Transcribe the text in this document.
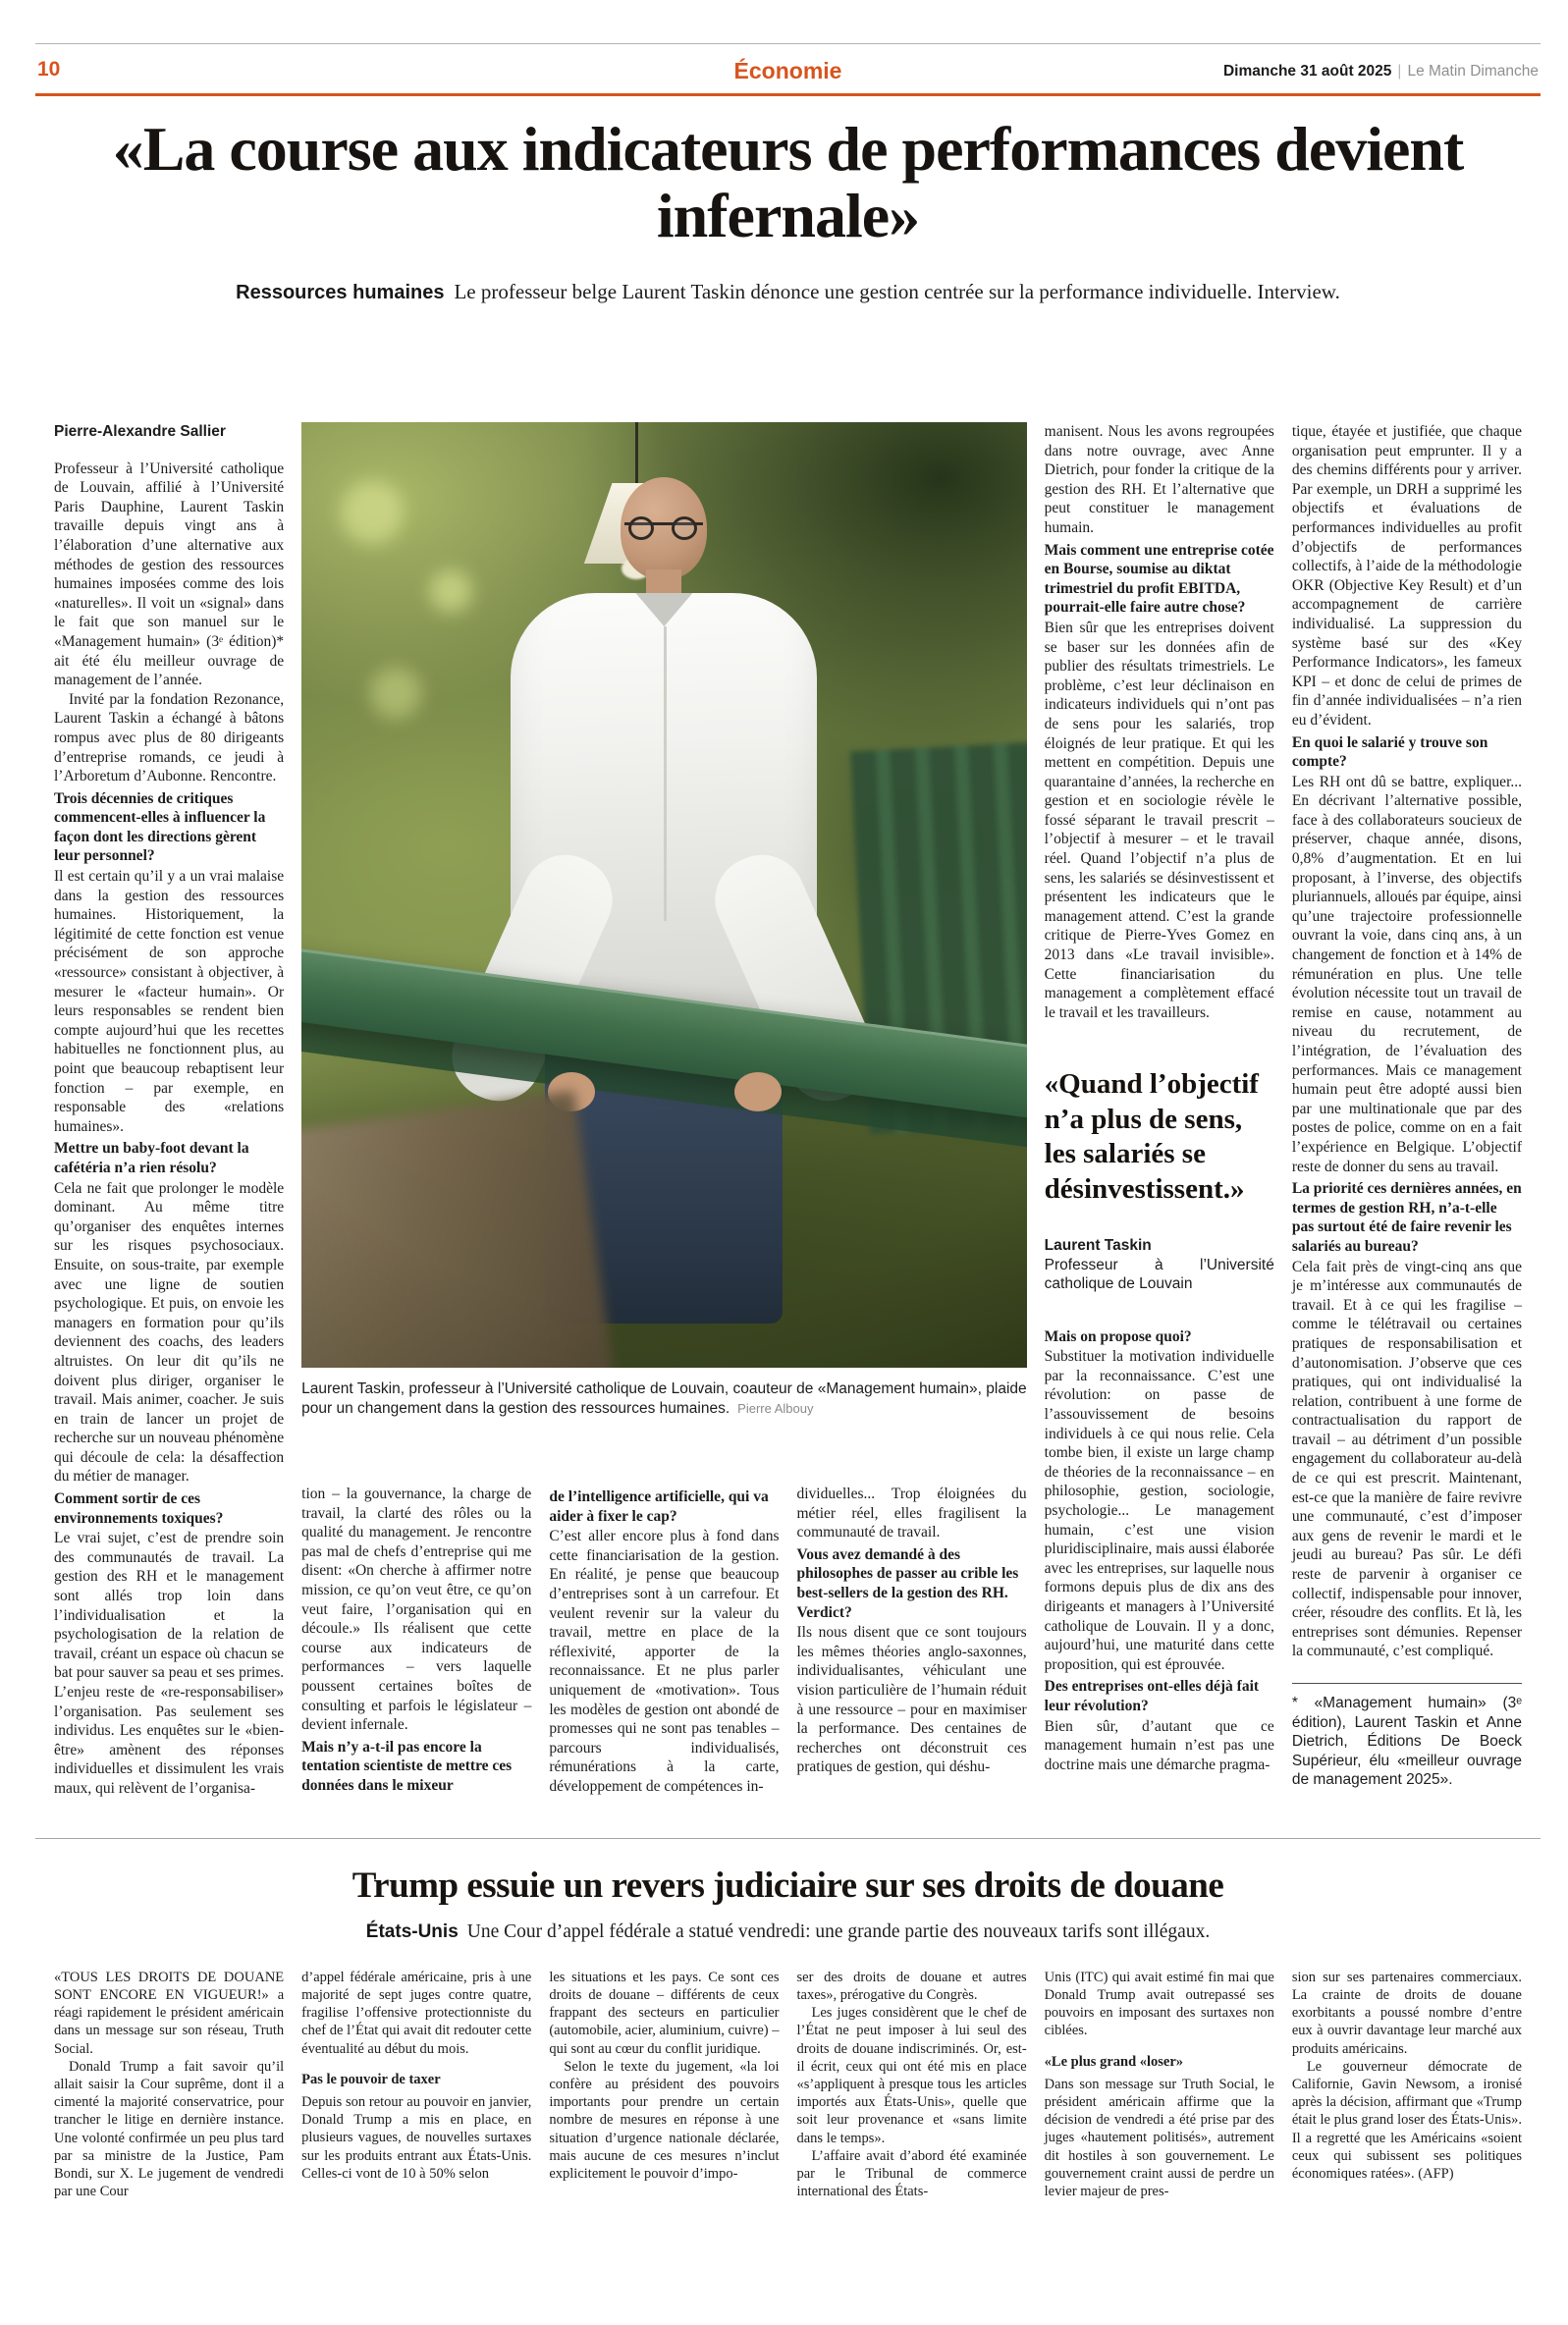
10	Économie	Dimanche 31 août 2025 | Le Matin Dimanche
«La course aux indicateurs de performances devient infernale»

Ressources humaines Le professeur belge Laurent Taskin dénonce une gestion centrée sur la performance individuelle. Interview.

Pierre-Alexandre Sallier

Professeur à l’Université catholique de Louvain, affilié à l’Université Paris Dauphine, Laurent Taskin travaille depuis vingt ans à l’élaboration d’une alternative aux méthodes de gestion des ressources humaines imposées comme des lois «naturelles». Il voit un «signal» dans le fait que son manuel sur le «Management humain» (3ᵉ édition)* ait été élu meilleur ouvrage de management de l’année.

Invité par la fondation Rezonance, Laurent Taskin a échangé à bâtons rompus avec plus de 80 dirigeants d’entreprise romands, ce jeudi à l’Arboretum d’Aubonne. Rencontre.

Trois décennies de critiques commencent-elles à influencer la façon dont les directions gèrent leur personnel?

Il est certain qu’il y a un vrai malaise dans la gestion des ressources humaines. Historiquement, la légitimité de cette fonction est venue précisément de son approche «ressource» consistant à objectiver, à mesurer le «facteur humain». Or leurs responsables se rendent bien compte aujourd’hui que les recettes habituelles ne fonctionnent plus, au point que beaucoup rebaptisent leur fonction – par exemple, en responsable des «relations humaines».

Mettre un baby-foot devant la cafétéria n’a rien résolu?

Cela ne fait que prolonger le modèle dominant. Au même titre qu’organiser des enquêtes internes sur les risques psychosociaux. Ensuite, on sous-traite, par exemple avec une ligne de soutien psychologique. Et puis, on envoie les managers en formation pour qu’ils deviennent des coachs, des leaders altruistes. On leur dit qu’ils ne doivent plus diriger, organiser le travail. Mais animer, coacher. Je suis en train de lancer un projet de recherche sur un nouveau phénomène qui découle de cela: la désaffection du métier de manager.

Comment sortir de ces environnements toxiques?

Le vrai sujet, c’est de prendre soin des communautés de travail. La gestion des RH et le management sont allés trop loin dans l’individualisation et la psychologisation de la relation de travail, créant un espace où chacun se bat pour sauver sa peau et ses primes. L’enjeu reste de «re-responsabiliser» l’organisation. Pas seulement ses individus. Les enquêtes sur le «bien-être» amènent des réponses individuelles et dissimulent les vrais maux, qui relèvent de l’organisa-

Laurent Taskin, professeur à l’Université catholique de Louvain, coauteur de «Management humain», plaide pour un changement dans la gestion des ressources humaines. Pierre Albouy

tion – la gouvernance, la charge de travail, la clarté des rôles ou la qualité du management. Je rencontre pas mal de chefs d’entreprise qui me disent: «On cherche à affirmer notre mission, ce qu’on veut être, ce qu’on veut faire, l’organisation qui en découle.» Ils réalisent que cette course aux indicateurs de performances – vers laquelle poussent certaines boîtes de consulting et parfois le législateur – devient infernale.

Mais n’y a-t-il pas encore la tentation scientiste de mettre ces données dans le mixeur

de l’intelligence artificielle, qui va aider à fixer le cap?

C’est aller encore plus à fond dans cette financiarisation de la gestion. En réalité, je pense que beaucoup d’entreprises sont à un carrefour. Et veulent revenir sur la valeur du travail, mettre en place de la réflexivité, apporter de la reconnaissance. Et ne plus parler uniquement de «motivation». Tous les modèles de gestion ont abondé de promesses qui ne sont pas tenables – parcours individualisés, rémunérations à la carte, développement de compétences in-

dividuelles... Trop éloignées du métier réel, elles fragilisent la communauté de travail.

Vous avez demandé à des philosophes de passer au crible les best-sellers de la gestion des RH. Verdict?

Ils nous disent que ce sont toujours les mêmes théories anglo-saxonnes, individualisantes, véhiculant une vision particulière de l’humain réduit à une ressource – pour en maximiser la performance. Des centaines de recherches ont déconstruit ces pratiques de gestion, qui déshu-

manisent. Nous les avons regroupées dans notre ouvrage, avec Anne Dietrich, pour fonder la critique de la gestion des RH. Et l’alternative que peut constituer le management humain.

Mais comment une entreprise cotée en Bourse, soumise au diktat trimestriel du profit EBITDA, pourrait-elle faire autre chose?

Bien sûr que les entreprises doivent se baser sur les données afin de publier des résultats trimestriels. Le problème, c’est leur déclinaison en indicateurs individuels qui n’ont pas de sens pour les salariés, trop éloignés de leur pratique. Et qui les mettent en compétition. Depuis une quarantaine d’années, la recherche en gestion et en sociologie révèle le fossé séparant le travail prescrit – l’objectif à mesurer – et le travail réel. Quand l’objectif n’a plus de sens, les salariés se désinvestissent et présentent les indicateurs que le management attend. C’est la grande critique de Pierre-Yves Gomez en 2013 dans «Le travail invisible». Cette financiarisation du management a complètement effacé le travail et les travailleurs.

«Quand l’objectif n’a plus de sens, les salariés se désinvestissent.»

Laurent Taskin

Professeur à l’Université catholique de Louvain

Mais on propose quoi?

Substituer la motivation individuelle par la reconnaissance. C’est une révolution: on passe de l’assouvissement de besoins individuels à ce qui nous relie. Cela tombe bien, il existe un large champ de théories de la reconnaissance – en philosophie, gestion, sociologie, psychologie... Le management humain, c’est une vision pluridisciplinaire, mais aussi élaborée avec les entreprises, sur laquelle nous formons depuis plus de dix ans des dirigeants et managers à l’Université catholique de Louvain. Il y a donc, aujourd’hui, une maturité dans cette proposition, qui est éprouvée.

Des entreprises ont-elles déjà fait leur révolution?

Bien sûr, d’autant que ce management humain n’est pas une doctrine mais une démarche pragma-

tique, étayée et justifiée, que chaque organisation peut emprunter. Il y a des chemins différents pour y arriver. Par exemple, un DRH a supprimé les objectifs et évaluations de performances individuelles au profit d’objectifs de performances collectifs, à l’aide de la méthodologie OKR (Objective Key Result) et d’un accompagnement de carrière individualisé. La suppression du système basé sur des «Key Performance Indicators», les fameux KPI – et donc de celui de primes de fin d’année individualisées – n’a rien eu d’évident.

En quoi le salarié y trouve son compte?

Les RH ont dû se battre, expliquer... En décrivant l’alternative possible, face à des collaborateurs soucieux de préserver, chaque année, disons, 0,8% d’augmentation. Et en lui proposant, à l’inverse, des objectifs pluriannuels, alloués par équipe, ainsi qu’une trajectoire professionnelle ouvrant la voie, dans cinq ans, à un changement de fonction et à 14% de rémunération en plus. Une telle évolution nécessite tout un travail de remise en cause, notamment au niveau du recrutement, de l’intégration, de l’évaluation des performances. Mais ce management humain peut être adopté aussi bien par une multinationale que par des postes de police, comme on en a fait l’expérience en Belgique. L’objectif reste de donner du sens au travail.

La priorité ces dernières années, en termes de gestion RH, n’a-t-elle pas surtout été de faire revenir les salariés au bureau?

Cela fait près de vingt-cinq ans que je m’intéresse aux communautés de travail. Et à ce qui les fragilise – comme le télétravail ou certaines pratiques de responsabilisation et d’autonomisation. J’observe que ces pratiques, qui ont individualisé la relation, contribuent à une forme de contractualisation du rapport de travail – au détriment d’un possible engagement du collaborateur au-delà de ce qui est prescrit. Maintenant, est-ce que la manière de faire revivre une communauté, c’est d’imposer aux gens de revenir le mardi et le jeudi au bureau? Pas sûr. Le défi reste de parvenir à organiser ce collectif, indispensable pour innover, créer, résoudre des conflits. Et là, les entreprises sont démunies. Repenser la communauté, c’est compliqué.

* «Management humain» (3ᵉ édition), Laurent Taskin et Anne Dietrich, Éditions De Boeck Supérieur, élu «meilleur ouvrage de management 2025».

Trump essuie un revers judiciaire sur ses droits de douane

États-Unis Une Cour d’appel fédérale a statué vendredi: une grande partie des nouveaux tarifs sont illégaux.

«TOUS LES DROITS DE DOUANE SONT ENCORE EN VIGUEUR!» a réagi rapidement le président américain dans un message sur son réseau, Truth Social.

Donald Trump a fait savoir qu’il allait saisir la Cour suprême, dont il a cimenté la majorité conservatrice, pour trancher le litige en dernière instance. Une volonté confirmée un peu plus tard par sa ministre de la Justice, Pam Bondi, sur X. Le jugement de vendredi par une Cour

d’appel fédérale américaine, pris à une majorité de sept juges contre quatre, fragilise l’offensive protectionniste du chef de l’État qui avait dit redouter cette éventualité au début du mois.

Pas le pouvoir de taxer

Depuis son retour au pouvoir en janvier, Donald Trump a mis en place, en plusieurs vagues, de nouvelles surtaxes sur les produits entrant aux États-Unis. Celles-ci vont de 10 à 50% selon

les situations et les pays. Ce sont ces droits de douane – différents de ceux frappant des secteurs en particulier (automobile, acier, aluminium, cuivre) – qui sont au cœur du conflit juridique.

Selon le texte du jugement, «la loi confère au président des pouvoirs importants pour prendre un certain nombre de mesures en réponse à une situation d’urgence nationale déclarée, mais aucune de ces mesures n’inclut explicitement le pouvoir d’impo-

ser des droits de douane et autres taxes», prérogative du Congrès.

Les juges considèrent que le chef de l’État ne peut imposer à lui seul des droits de douane indiscriminés. Or, est-il écrit, ceux qui ont été mis en place «s’appliquent à presque tous les articles importés aux États-Unis», quelle que soit leur provenance et «sans limite dans le temps».

L’affaire avait d’abord été examinée par le Tribunal de commerce international des États-

Unis (ITC) qui avait estimé fin mai que Donald Trump avait outrepassé ses pouvoirs en imposant des surtaxes non ciblées.

«Le plus grand «loser»

Dans son message sur Truth Social, le président américain affirme que la décision de vendredi a été prise par des juges «hautement politisés», autrement dit hostiles à son gouvernement. Le gouvernement craint aussi de perdre un levier majeur de pres-

sion sur ses partenaires commerciaux. La crainte de droits de douane exorbitants a poussé nombre d’entre eux à ouvrir davantage leur marché aux produits américains.

Le gouverneur démocrate de Californie, Gavin Newsom, a ironisé après la décision, affirmant que «Trump était le plus grand loser des États-Unis». Il a regretté que les Américains «soient ceux qui subissent ses politiques économiques ratées». (AFP)
